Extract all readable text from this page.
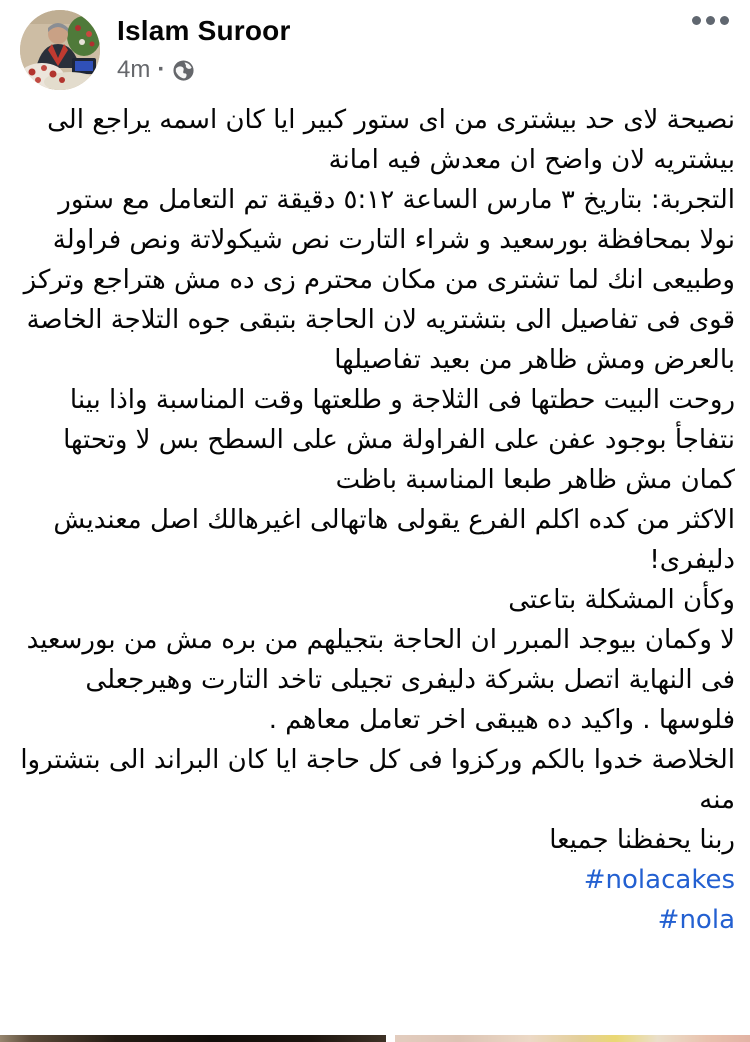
Islam Suroor
4m ·
نصيحة لاى حد بيشترى من اى ستور كبير ايا كان اسمه يراجع الى بيشتريه لان واضح ان معدش فيه امانة
التجربة: بتاريخ ٣ مارس الساعة ٥:١٢ دقيقة تم التعامل مع ستور نولا بمحافظة بورسعيد و شراء التارت نص شيكولاتة ونص فراولة وطبيعى انك لما تشترى من مكان محترم زى ده مش هتراجع وتركز قوى فى تفاصيل الى بتشتريه لان الحاجة بتبقى جوه التلاجة الخاصة بالعرض ومش ظاهر من بعيد تفاصيلها
روحت البيت حطتها فى الثلاجة و طلعتها وقت المناسبة واذا بينا نتفاجأ بوجود عفن على الفراولة مش على السطح بس لا وتحتها كمان مش ظاهر طبعا المناسبة باظت
الاكثر من كده اكلم الفرع يقولى هاتهالى اغيرهالك اصل معنديش دليفرى!
وكأن المشكلة بتاعتى
لا وكمان بيوجد المبرر ان الحاجة بتجيلهم من بره مش من بورسعيد
فى النهاية اتصل بشركة دليفرى تجيلى تاخد التارت وهيرجعلى فلوسها . واكيد ده هيبقى اخر تعامل معاهم .
الخلاصة خدوا بالكم وركزوا فى كل حاجة ايا كان البراند الى بتشتروا منه
ربنا يحفظنا جميعا
#nolacakes
#nola
